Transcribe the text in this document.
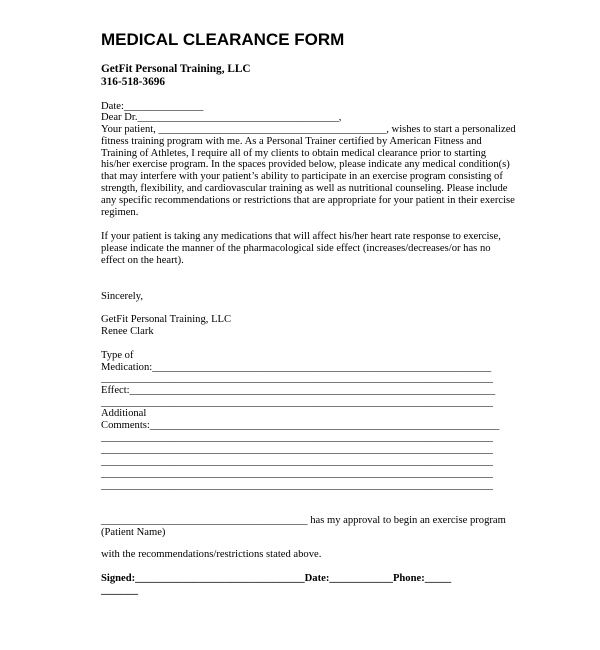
MEDICAL CLEARANCE FORM
GetFit Personal Training, LLC
316-518-3696
Date:_______________
Dear Dr.______________________________________,
Your patient, ___________________________________________, wishes to start a personalized
fitness training program with me. As a Personal Trainer certified by American Fitness and
Training of Athletes, I require all of my clients to obtain medical clearance prior to starting
his/her exercise program. In the spaces provided below, please indicate any medical condition(s)
that may interfere with your patient’s ability to participate in an exercise program consisting of
strength, flexibility, and cardiovascular training as well as nutritional counseling. Please include
any specific recommendations or restrictions that are appropriate for your patient in their exercise
regimen.
If your patient is taking any medications that will affect his/her heart rate response to exercise,
please indicate the manner of the pharmacological side effect (increases/decreases/or has no
effect on the heart).
Sincerely,
GetFit Personal Training, LLC
Renee Clark
Type of
Medication:________________________________________________________________
__________________________________________________________________________
Effect:_____________________________________________________________________
__________________________________________________________________________
Additional
Comments:__________________________________________________________________
__________________________________________________________________________
__________________________________________________________________________
__________________________________________________________________________
__________________________________________________________________________
__________________________________________________________________________
_______________________________________ has my approval to begin an exercise program
(Patient Name)
with the recommendations/restrictions stated above.
Signed:________________________________Date:____________Phone:_____
_______
